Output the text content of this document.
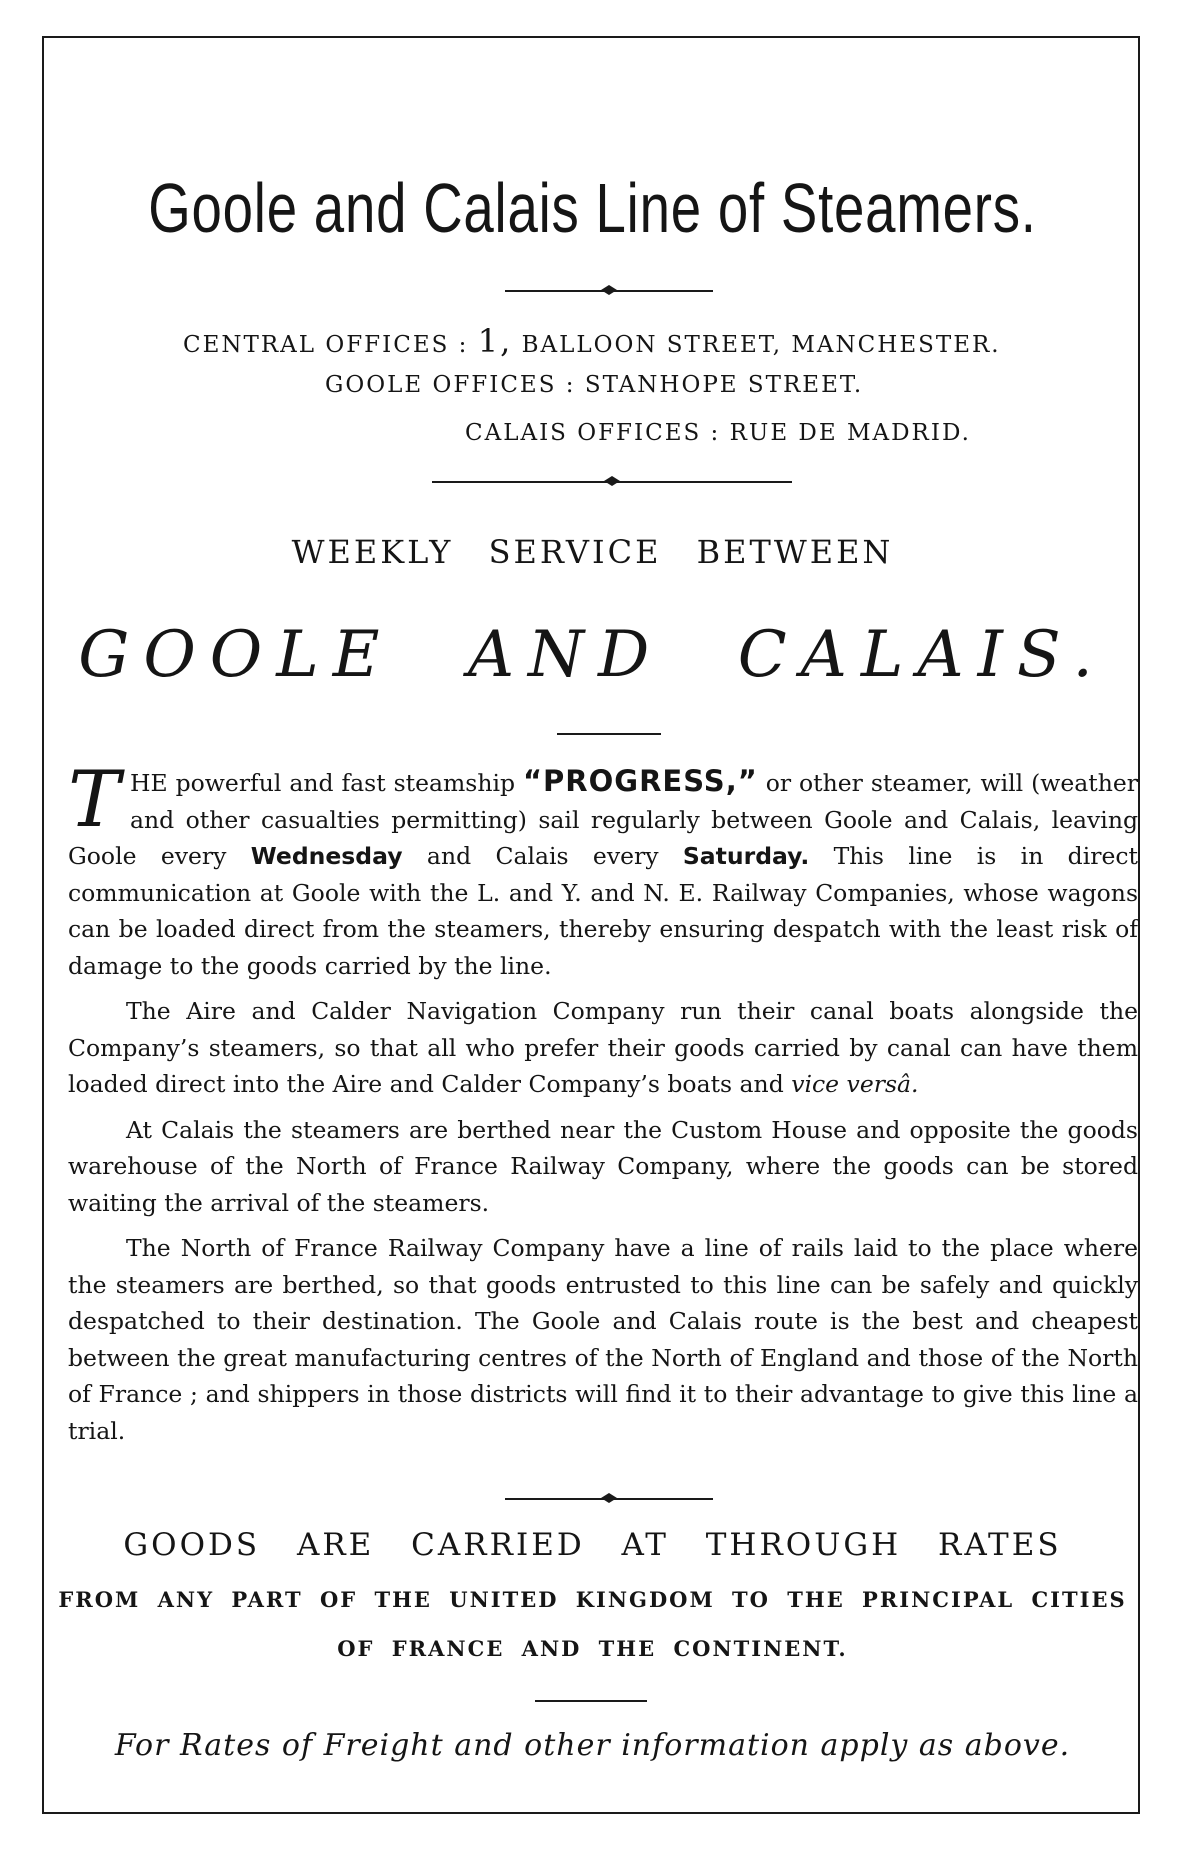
Goole and Calais Line of Steamers.
CENTRAL OFFICES : 1, BALLOON STREET, MANCHESTER.
GOOLE OFFICES : STANHOPE STREET.
CALAIS OFFICES : RUE DE MADRID.
WEEKLY SERVICE BETWEEN
GOOLE AND CALAIS.

THE powerful and fast steamship “PROGRESS,” or other steamer, will (weather and other casualties permitting) sail regularly between Goole and Calais, leaving Goole every Wednesday and Calais every Saturday. This line is in direct communication at Goole with the L. and Y. and N. E. Railway Companies, whose wagons can be loaded direct from the steamers, thereby ensuring despatch with the least risk of damage to the goods carried by the line.

The Aire and Calder Navigation Company run their canal boats alongside the Company’s steamers, so that all who prefer their goods carried by canal can have them loaded direct into the Aire and Calder Company’s boats and vice versâ.

At Calais the steamers are berthed near the Custom House and opposite the goods warehouse of the North of France Railway Company, where the goods can be stored waiting the arrival of the steamers.

The North of France Railway Company have a line of rails laid to the place where the steamers are berthed, so that goods entrusted to this line can be safely and quickly despatched to their destination. The Goole and Calais route is the best and cheapest between the great manufacturing centres of the North of England and those of the North of France ; and shippers in those districts will find it to their advantage to give this line a trial.

GOODS ARE CARRIED AT THROUGH RATES
FROM ANY PART OF THE UNITED KINGDOM TO THE PRINCIPAL CITIES
OF FRANCE AND THE CONTINENT.
For Rates of Freight and other information apply as above.
